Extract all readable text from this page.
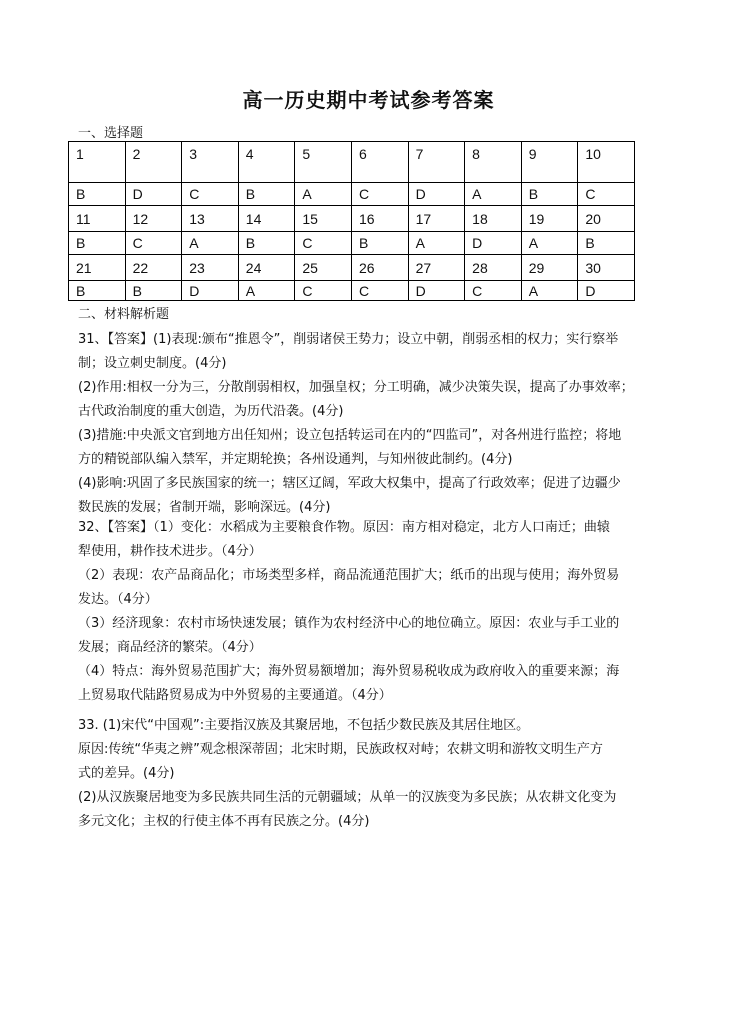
高一历史期中考试参考答案
一、选择题
1	2	3	4	5	6	7	8	9	10
B	D	C	B	A	C	D	A	B	C
11	12	13	14	15	16	17	18	19	20
B	C	A	B	C	B	A	D	A	B
21	22	23	24	25	26	27	28	29	30
B	B	D	A	C	C	D	C	A	D
二、材料解析题

31、【答案】(1)表现:颁布“推恩令”，削弱诸侯王势力；设立中朝，削弱丞相的权力；实行察举

制；设立刺史制度。(4分)

(2)作用:相权一分为三，分散削弱相权，加强皇权；分工明确，减少决策失误，提高了办事效率；

古代政治制度的重大创造，为历代沿袭。(4分)

(3)措施:中央派文官到地方出任知州；设立包括转运司在内的“四监司”，对各州进行监控；将地

方的精锐部队编入禁军，并定期轮换；各州设通判，与知州彼此制约。(4分)

(4)影响:巩固了多民族国家的统一；辖区辽阔，军政大权集中，提高了行政效率；促进了边疆少

数民族的发展；省制开端，影响深远。(4分)

32、【答案】（1）变化：水稻成为主要粮食作物。原因：南方相对稳定，北方人口南迁；曲辕

犁使用，耕作技术进步。（4分）

（2）表现：农产品商品化；市场类型多样，商品流通范围扩大；纸币的出现与使用；海外贸易

发达。（4分）

（3）经济现象：农村市场快速发展；镇作为农村经济中心的地位确立。原因：农业与手工业的

发展；商品经济的繁荣。（4分）

（4）特点：海外贸易范围扩大；海外贸易额增加；海外贸易税收成为政府收入的重要来源；海

上贸易取代陆路贸易成为中外贸易的主要通道。（4分）

33. (1)宋代“中国观”:主要指汉族及其聚居地，不包括少数民族及其居住地区。

原因:传统“华夷之辨”观念根深蒂固；北宋时期，民族政权对峙；农耕文明和游牧文明生产方

式的差异。(4分)

(2)从汉族聚居地变为多民族共同生活的元朝疆域；从单一的汉族变为多民族；从农耕文化变为

多元文化；主权的行使主体不再有民族之分。(4分)
